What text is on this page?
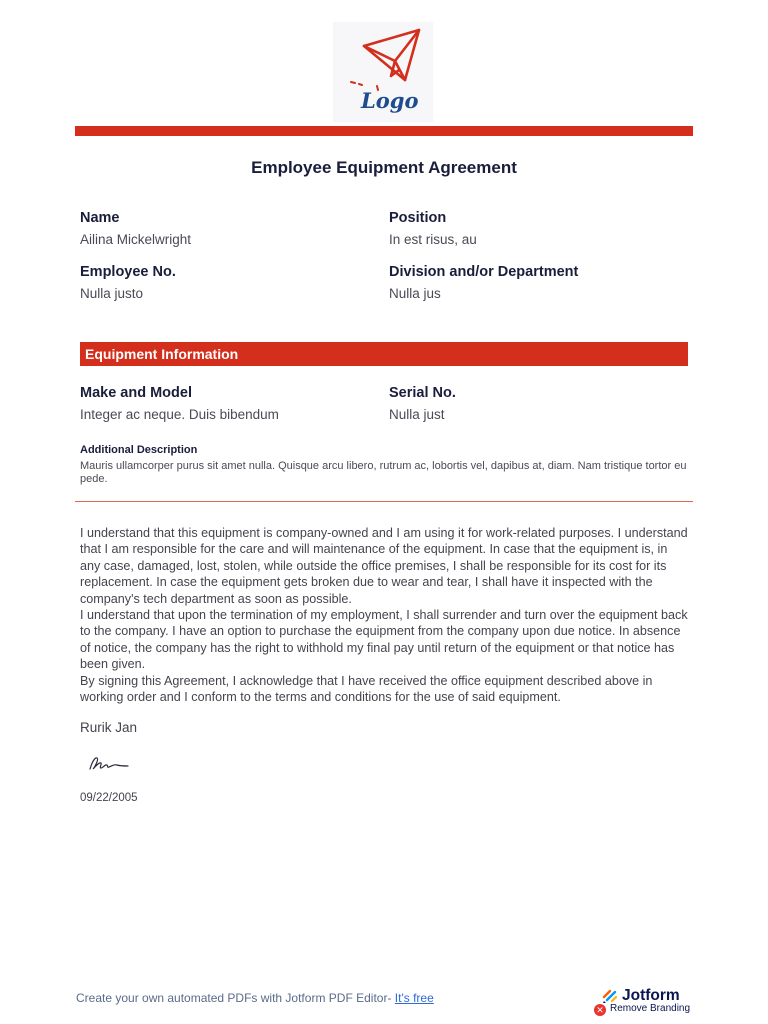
Logo
Employee Equipment Agreement
Name
Ailina Mickelwright
Position
In est risus, au
Employee No.
Nulla justo
Division and/or Department
Nulla jus
Equipment Information
Make and Model
Integer ac neque. Duis bibendum
Serial No.
Nulla just
Additional Description
Mauris ullamcorper purus sit amet nulla. Quisque arcu libero, rutrum ac, lobortis vel, dapibus at, diam. Nam tristique tortor eu pede.

I understand that this equipment is company-owned and I am using it for work-related purposes. I understand that I am responsible for the care and will maintenance of the equipment. In case that the equipment is, in any case, damaged, lost, stolen, while outside the office premises, I shall be responsible for its cost for its replacement. In case the equipment gets broken due to wear and tear, I shall have it inspected with the company's tech department as soon as possible.

I understand that upon the termination of my employment, I shall surrender and turn over the equipment back to the company. I have an option to purchase the equipment from the company upon due notice. In absence of notice, the company has the right to withhold my final pay until return of the equipment or that notice has been given.

By signing this Agreement, I acknowledge that I have received the office equipment described above in working order and I conform to the terms and conditions for the use of said equipment.

Rurik Jan
09/22/2005
Create your own automated PDFs with Jotform PDF Editor- It's free	Jotform
✕ Remove Branding
